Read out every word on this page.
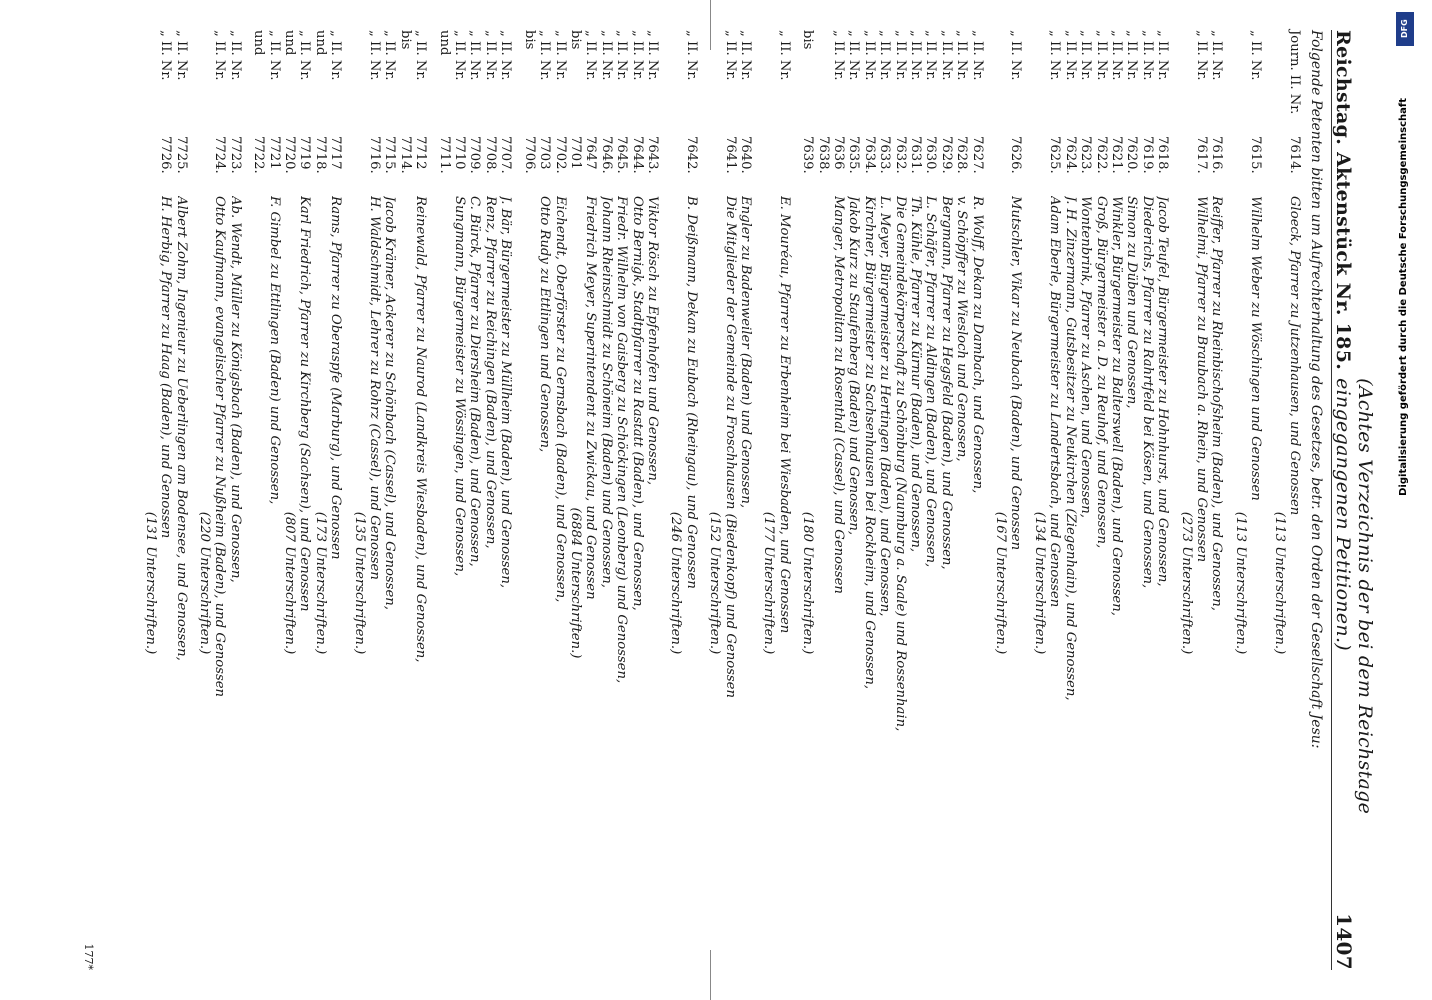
Reichstag. Aktenstück Nr. 185.
(Achtes Verzeichnis der bei dem Reichstage eingegangenen Petitionen.)
1407
Folgende Petenten bitten um Aufrechterhaltung des Gesetzes, betr. den Orden der Gesellschaft Jesu:
Journ. II. Nr.
7614.
Gloeck, Pfarrer zu Jutzenhausen, und Genossen
(113 Unterschriften.)
„ II. Nr.
7615.
Wilhelm Weber zu Wöschingen und Genossen
(113 Unterschriften.)
„ II. Nr.
7616.
Reiffer, Pfarrer zu Rheinbischofsheim (Baden), und Genossen,
„ II. Nr.
7617.
Wilhelmi, Pfarrer zu Braubach a. Rhein, und Genossen
(273 Unterschriften.)
„ II. Nr.
7618.
Jacob Teufel, Bürgermeister zu Hohnhurst, und Genossen,
„ II. Nr.
7619.
Diederichs, Pfarrer zu Rahrtfeld bei Kösen, und Genossen,
„ II. Nr.
7620.
Simon zu Düben und Genossen,
„ II. Nr.
7621.
Winkler, Bürgermeister zu Balterswell (Baden), und Genossen,
„ II. Nr.
7622.
Groß, Bürgermeister a. D. zu Reuhof, und Genossen,
„ II. Nr.
7623.
Wontenbrink, Pfarrer zu Aschen, und Genossen,
„ II. Nr.
7624.
J. H. Zinzermann, Gutsbesitzer zu Neukirchen (Ziegenhain), und Genossen,
„ II. Nr.
7625.
Adam Eberle, Bürgermeister zu Landertsbach, und Genossen
(134 Unterschriften.)
„ II. Nr.
7626.
Mutschler, Vikar zu Neubach (Baden), und Genossen
(167 Unterschriften.)
„ II. Nr.
7627.
R. Wolff, Dekan zu Dambach, und Genossen,
„ II. Nr.
7628.
v. Schöpffer zu Wiesloch und Genossen,
„ II. Nr.
7629.
Bergmann, Pfarrer zu Hegsfeld (Baden), und Genossen,
„ II. Nr.
7630.
L. Schäfer, Pfarrer zu Aldingen (Baden), und Genossen,
„ II. Nr.
7631.
Th. Kühle, Pfarrer zu Kürnur (Baden), und Genossen,
„ II. Nr.
7632.
Die Gemeindekörperschaft zu Schönburg (Naumburg a. Saale) und Rossenhain,
„ II. Nr.
7633.
L. Meyer, Bürgermeister zu Hertingen (Baden), und Genossen,
„ II. Nr.
7634.
Kirchner, Bürgermeister zu Sachsenhausen bei Rockheim, und Genossen,
„ II. Nr.
7635.
Jakob Kurz zu Staufenberg (Baden) und Genossen,
„ II. Nr.
7636
Manger, Metropolitan zu Rosenthal (Cassel), und Genossen
7638.
bis
7639.
(180 Unterschriften.)
„ II. Nr.
E. Mouréau, Pfarrer zu Erbenheim bei Wiesbaden, und Genossen
(177 Unterschriften.)
„ II. Nr.
7640.
Engler zu Badenweiler (Baden) und Genossen,
„ II. Nr.
7641.
Die Mitglieder der Gemeinde zu Froschhausen (Biedenkopf) und Genossen
(152 Unterschriften.)
„ II. Nr.
7642.
B. Deißmann, Dekan zu Eubach (Rheingau), und Genossen
(246 Unterschriften.)
„ II. Nr.
7643.
Viktor Rösch zu Epfenhofen und Genossen,
„ II. Nr.
7644.
Otto Bernigk, Stadtpfarrer zu Rastatt (Baden), und Genossen,
„ II. Nr.
7645.
Friedr. Wilhelm von Gaisberg zu Schöckingen (Leonberg) und Genossen,
„ II. Nr.
7646.
Johann Rheinschmidt zu Schöneim (Baden) und Genossen,
„ II. Nr.
7647
Friedrich Meyer, Superintendent zu Zwickau, und Genossen
bis
7701
(6884 Unterschriften.)
„ II. Nr.
7702.
Eichendt, Oberförster zu Gernsbach (Baden), und Genossen,
„ II. Nr.
7703
Otto Rudy zu Ettlingen und Genossen,
bis
7706.
„ II. Nr.
7707.
J. Bär, Bürgermeister zu Müllheim (Baden), und Genossen,
„ II. Nr.
7708.
Renz, Pfarrer zu Reichingen (Baden), und Genossen,
„ II. Nr.
7709.
C. Bürck, Pfarrer zu Diersheim (Baden), und Genossen,
„ II. Nr.
7710
Sungmann, Bürgermeister zu Wössingen, und Genossen,
und
7711.
„ II. Nr.
7712
Reinewald, Pfarrer zu Naurod (Landkreis Wiesbaden), und Genossen,
bis
7714.
„ II. Nr.
7715.
Jacob Krämer, Ackerer zu Schönbach (Cassel), und Genossen,
„ II. Nr.
7716.
H. Waldschmidt, Lehrer zu Rohrz (Cassel), und Genossen
(135 Unterschriften.)
„ II. Nr.
7717
Rams, Pfarrer zu Oberaspfe (Marburg), und Genossen
und
7718.
(173 Unterschriften.)
„ II. Nr.
7719
Karl Friedrich, Pfarrer zu Kirchberg (Sachsen), und Genossen
und
7720.
(807 Unterschriften.)
„ II. Nr.
7721
F. Gimbel zu Ettlingen (Baden) und Genossen,
und
7722.
„ II. Nr.
7723.
Ab. Wendt, Müller zu Königsbach (Baden), und Genossen,
„ II. Nr.
7724.
Otto Kaufmann, evangelischer Pfarrer zu Nußheim (Baden), und Genossen
(220 Unterschriften.)
„ II. Nr.
7725.
Albert Zohm, Ingenieur zu Ueberlingen am Bodensee, und Genossen,
„ II. Nr.
7726.
H. Herbig, Pfarrer zu Haag (Baden), und Genossen
(131 Unterschriften.)
177*
DFG
Digitalisierung gefördert durch die Deutsche Forschungsgemeinschaft
